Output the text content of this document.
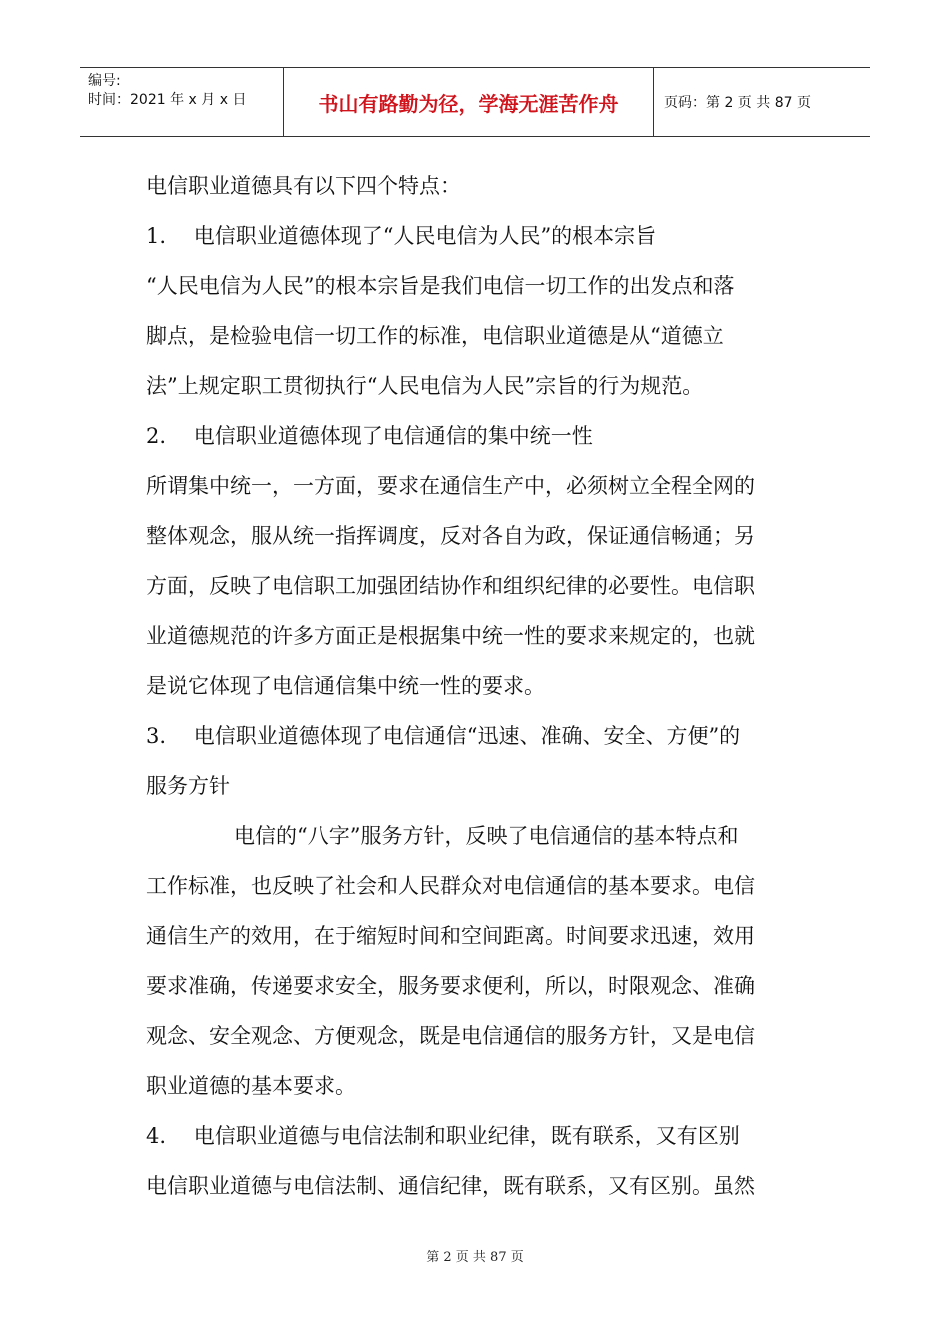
编号:
时间：2021 年 x 月 x 日	书山有路勤为径，学海无涯苦作舟	页码：第 2 页 共 87 页
电信职业道德具有以下四个特点：
1.　 电信职业道德体现了“人民电信为人民”的根本宗旨
“人民电信为人民”的根本宗旨是我们电信一切工作的出发点和落
脚点，是检验电信一切工作的标准，电信职业道德是从“道德立
法”上规定职工贯彻执行“人民电信为人民”宗旨的行为规范。
2.　 电信职业道德体现了电信通信的集中统一性
所谓集中统一，一方面，要求在通信生产中，必须树立全程全网的
整体观念，服从统一指挥调度，反对各自为政，保证通信畅通；另
方面，反映了电信职工加强团结协作和组织纪律的必要性。电信职
业道德规范的许多方面正是根据集中统一性的要求来规定的，也就
是说它体现了电信通信集中统一性的要求。
3.　 电信职业道德体现了电信通信“迅速、准确、安全、方便”的
服务方针
电信的“八字”服务方针，反映了电信通信的基本特点和
工作标准，也反映了社会和人民群众对电信通信的基本要求。电信
通信生产的效用，在于缩短时间和空间距离。时间要求迅速，效用
要求准确，传递要求安全，服务要求便利，所以，时限观念、准确
观念、安全观念、方便观念，既是电信通信的服务方针，又是电信
职业道德的基本要求。
4.　 电信职业道德与电信法制和职业纪律，既有联系，又有区别
电信职业道德与电信法制、通信纪律，既有联系，又有区别。虽然
第 2 页 共 87 页
